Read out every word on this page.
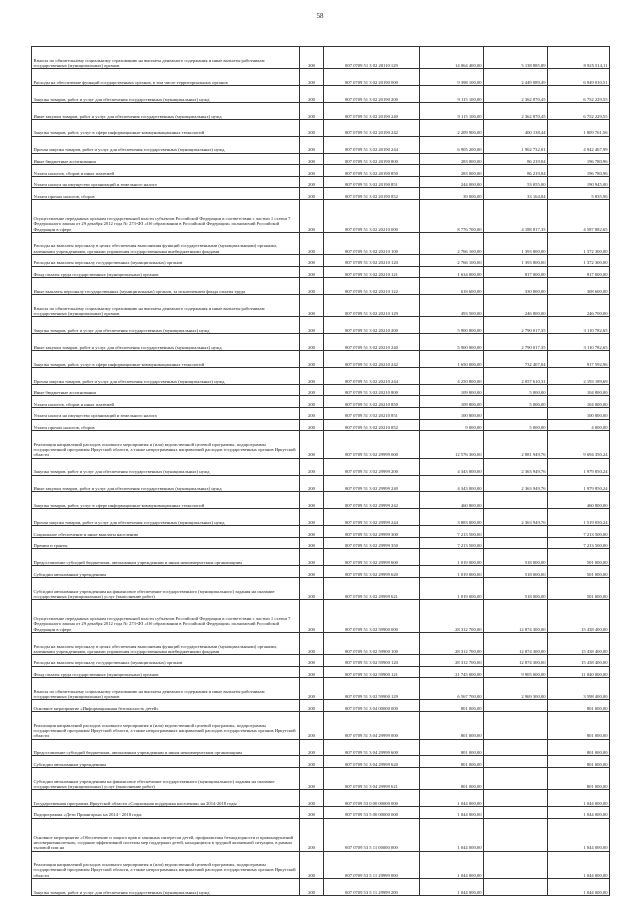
58
Взносы по обязательному социальному страхованию на выплаты денежного содержания и иные выплаты работникам государственных (муниципальных) органов	200	807 0709 51 3 02 20110 129	14 064 400,00	5 138 885,89	8 925 514,11
Расходы на обеспечение функций государственных органов, в том числе территориальных органов	200	807 0709 51 3 02 20190 000	9 398 100,00	2 449 089,49	6 949 010,51
Закупка товаров, работ и услуг для обеспечения государственных (муниципальных) нужд	200	807 0709 51 3 02 20190 200	9 115 100,00	2 362 870,45	6 752 229,55
Иные закупки товаров, работ и услуг для обеспечения государственных (муниципальных) нужд	200	807 0709 51 3 02 20190 240	9 115 100,00	2 362 870,45	6 752 229,55
Закупка товаров, работ, услуг в сфере информационно-коммуникационных технологий	200	807 0709 51 3 02 20190 242	2 209 900,00	400 138,44	1 809 761,56
Прочая закупка товаров, работ и услуг для обеспечения государственных (муниципальных) нужд	200	807 0709 51 3 02 20190 244	6 905 200,00	1 962 732,01	4 942 467,99
Иные бюджетные ассигнования	200	807 0709 51 3 02 20190 800	283 000,00	86 219,04	196 780,96
Уплата налогов, сборов и иных платежей	200	807 0709 51 3 02 20190 850	283 000,00	86 219,04	196 780,96
Уплата налога на имущество организаций и земельного налога	200	807 0709 51 3 02 20190 851	244 000,00	53 055,00	190 945,00
Уплата прочих налогов, сборов	200	807 0709 51 3 02 20190 852	39 000,00	33 164,04	5 835,96
Осуществление переданных органам государственной власти субъектов Российской Федерации в соответствии с частью 1 статьи 7 Федерального закона от 29 декабря 2012 года № 273-ФЗ «Об образовании в Российской Федерации» полномочий Российской Федерации в сфере	200	807 0709 51 3 02 20210 000	8 776 700,00	4 188 817,35	4 587 882,65
Расходы на выплаты персоналу в целях обеспечения выполнения функций государственными (муниципальными) органами, казенными учреждениями, органами управления государственными внебюджетными фондами	200	807 0709 51 3 02 20210 100	2 766 100,00	1 393 800,00	1 372 300,00
Расходы на выплаты персоналу государственных (муниципальных) органов	200	807 0709 51 3 02 20210 120	2 766 100,00	1 393 800,00	1 372 300,00
Фонд оплаты труда государственных (муниципальных) органов	200	807 0709 51 3 02 20210 121	1 634 000,00	817 000,00	817 000,00
Иные выплаты персоналу государственных (муниципальных) органов, за исключением фонда оплаты труда	200	807 0709 51 3 02 20210 122	618 600,00	330 000,00	308 600,00
Взносы по обязательному социальному страхованию на выплаты денежного содержания и иные выплаты работникам государственных (муниципальных) органов	200	807 0709 51 3 02 20210 129	493 500,00	246 800,00	246 700,00
Закупка товаров, работ и услуг для обеспечения государственных (муниципальных) нужд	200	807 0709 51 3 02 20210 200	5 900 800,00	2 790 017,35	3 110 782,65
Иные закупки товаров, работ и услуг для обеспечения государственных (муниципальных) нужд	200	807 0709 51 3 02 20210 240	5 900 800,00	2 790 017,35	3 110 782,65
Закупка товаров, работ, услуг в сфере информационно-коммуникационных технологий	200	807 0709 51 3 02 20210 242	1 650 000,00	732 407,04	917 592,96
Прочая закупка товаров, работ и услуг для обеспечения государственных (муниципальных) нужд	200	807 0709 51 3 02 20210 244	4 250 800,00	2 057 610,31	2 193 189,69
Иные бюджетные ассигнования	200	807 0709 51 3 02 20210 800	109 800,00	5 000,00	104 800,00
Уплата налогов, сборов и иных платежей	200	807 0709 51 3 02 20210 850	109 800,00	5 000,00	104 800,00
Уплата налога на имущество организаций и земельного налога	200	807 0709 51 3 02 20210 851	100 800,00		100 800,00
Уплата прочих налогов, сборов	200	807 0709 51 3 02 20210 852	9 000,00	5 000,00	4 000,00
Реализация направлений расходов основного мероприятия и (или) ведомственной целевой программы, подпрограммы государственной программы Иркутской области, а также непрограммных направлений расходов государственных органов Иркутской области	200	807 0709 51 3 02 29999 000	12 576 300,00	2 881 949,76	9 694 350,24
Закупка товаров, работ и услуг для обеспечения государственных (муниципальных) нужд	200	807 0709 51 3 02 29999 200	4 343 800,00	2 363 949,76	1 979 850,24
Иные закупки товаров, работ и услуг для обеспечения государственных (муниципальных) нужд	200	807 0709 51 3 02 29999 240	4 343 800,00	2 363 949,76	1 979 850,24
Закупка товаров, работ, услуг в сфере информационно-коммуникационных технологий	200	807 0709 51 3 02 29999 242	460 800,00		460 800,00
Прочая закупка товаров, работ и услуг для обеспечения государственных (муниципальных) нужд	200	807 0709 51 3 02 29999 244	3 883 000,00	2 363 949,76	1 519 050,24
Социальное обеспечение и иные выплаты населению	200	807 0709 51 3 02 29999 300	7 213 500,00		7 213 500,00
Премии и гранты	200	807 0709 51 3 02 29999 350	7 213 500,00		7 213 500,00
Предоставление субсидий бюджетным, автономным учреждениям и иным некоммерческим организациям	200	807 0709 51 3 02 29999 600	1 019 000,00	518 000,00	501 000,00
Субсидии автономным учреждениям	200	807 0709 51 3 02 29999 620	1 019 000,00	518 000,00	501 000,00
Субсидии автономным учреждениям на финансовое обеспечение государственного (муниципального) задания на оказание государственных (муниципальных) услуг (выполнение работ)	200	807 0709 51 3 02 29999 621	1 019 000,00	518 000,00	501 000,00
Осуществление переданных органам государственной власти субъектов Российской Федерации в соответствии с частью 1 статьи 7 Федерального закона от 29 декабря 2012 года № 273-ФЗ «Об образовании в Российской Федерации» полномочий Российской Федерации в сфере	200	807 0709 51 3 02 59900 000	28 312 700,00	12 874 300,00	15 438 400,00
Расходы на выплаты персоналу в целях обеспечения выполнения функций государственными (муниципальными) органами, казенными учреждениями, органами управления государственными внебюджетными фондами	200	807 0709 51 3 02 59900 100	28 312 700,00	12 874 300,00	15 438 400,00
Расходы на выплаты персоналу государственных (муниципальных) органов	200	807 0709 51 3 02 59900 120	28 312 700,00	12 874 300,00	15 438 400,00
Фонд оплаты труда государственных (муниципальных) органов	200	807 0709 51 3 02 59900 121	21 745 000,00	9 905 000,00	11 840 000,00
Взносы по обязательному социальному страхованию на выплаты денежного содержания и иные выплаты работникам государственных (муниципальных) органов	200	807 0709 51 3 02 59900 129	6 567 700,00	2 969 300,00	3 598 400,00
Основное мероприятие «Информационная безопасность детей»	200	807 0709 51 3 04 00000 000	801 000,00		801 000,00
Реализация направлений расходов основного мероприятия и (или) ведомственной целевой программы, подпрограммы государственной программы Иркутской области, а также непрограммных направлений расходов государственных органов Иркутской области	200	807 0709 51 3 04 29999 000	801 000,00		801 000,00
Предоставление субсидий бюджетным, автономным учреждениям и иным некоммерческим организациям	200	807 0709 51 3 04 29999 600	801 000,00		801 000,00
Субсидии автономным учреждениям	200	807 0709 51 3 04 29999 620	801 000,00		801 000,00
Субсидии автономным учреждениям на финансовое обеспечение государственного (муниципального) задания на оказание государственных (муниципальных) услуг (выполнение работ)	200	807 0709 51 3 04 29999 621	801 000,00		801 000,00
Государственная программа Иркутской области «Социальная поддержка населения» на 2014-2018 годы	200	807 0709 53 0 00 00000 000	1 044 000,00		1 044 000,00
Подпрограмма «Дети Приангарья» на 2014 - 2018 годы	200	807 0709 53 5 00 00000 000	1 044 000,00		1 044 000,00
Основное мероприятие «Обеспечение и защита прав и законных интересов детей, профилактика безнадзорности и правонарушений несовершеннолетних, создание эффективной системы мер поддержки детей, находящихся в трудной жизненной ситуации, в рамках тыловой или на	200	807 0709 53 5 11 00000 000	1 044 000,00		1 044 000,00
Реализация направлений расходов основного мероприятия и (или) ведомственной целевой программы, подпрограммы государственной программы Иркутской области, а также непрограммных направлений расходов государственных органов Иркутской области	200	807 0709 53 5 11 29999 000	1 044 000,00		1 044 000,00
Закупка товаров, работ и услуг для обеспечения государственных (муниципальных) нужд	200	807 0709 53 5 11 29999 200	1 044 000,00		1 044 000,00
